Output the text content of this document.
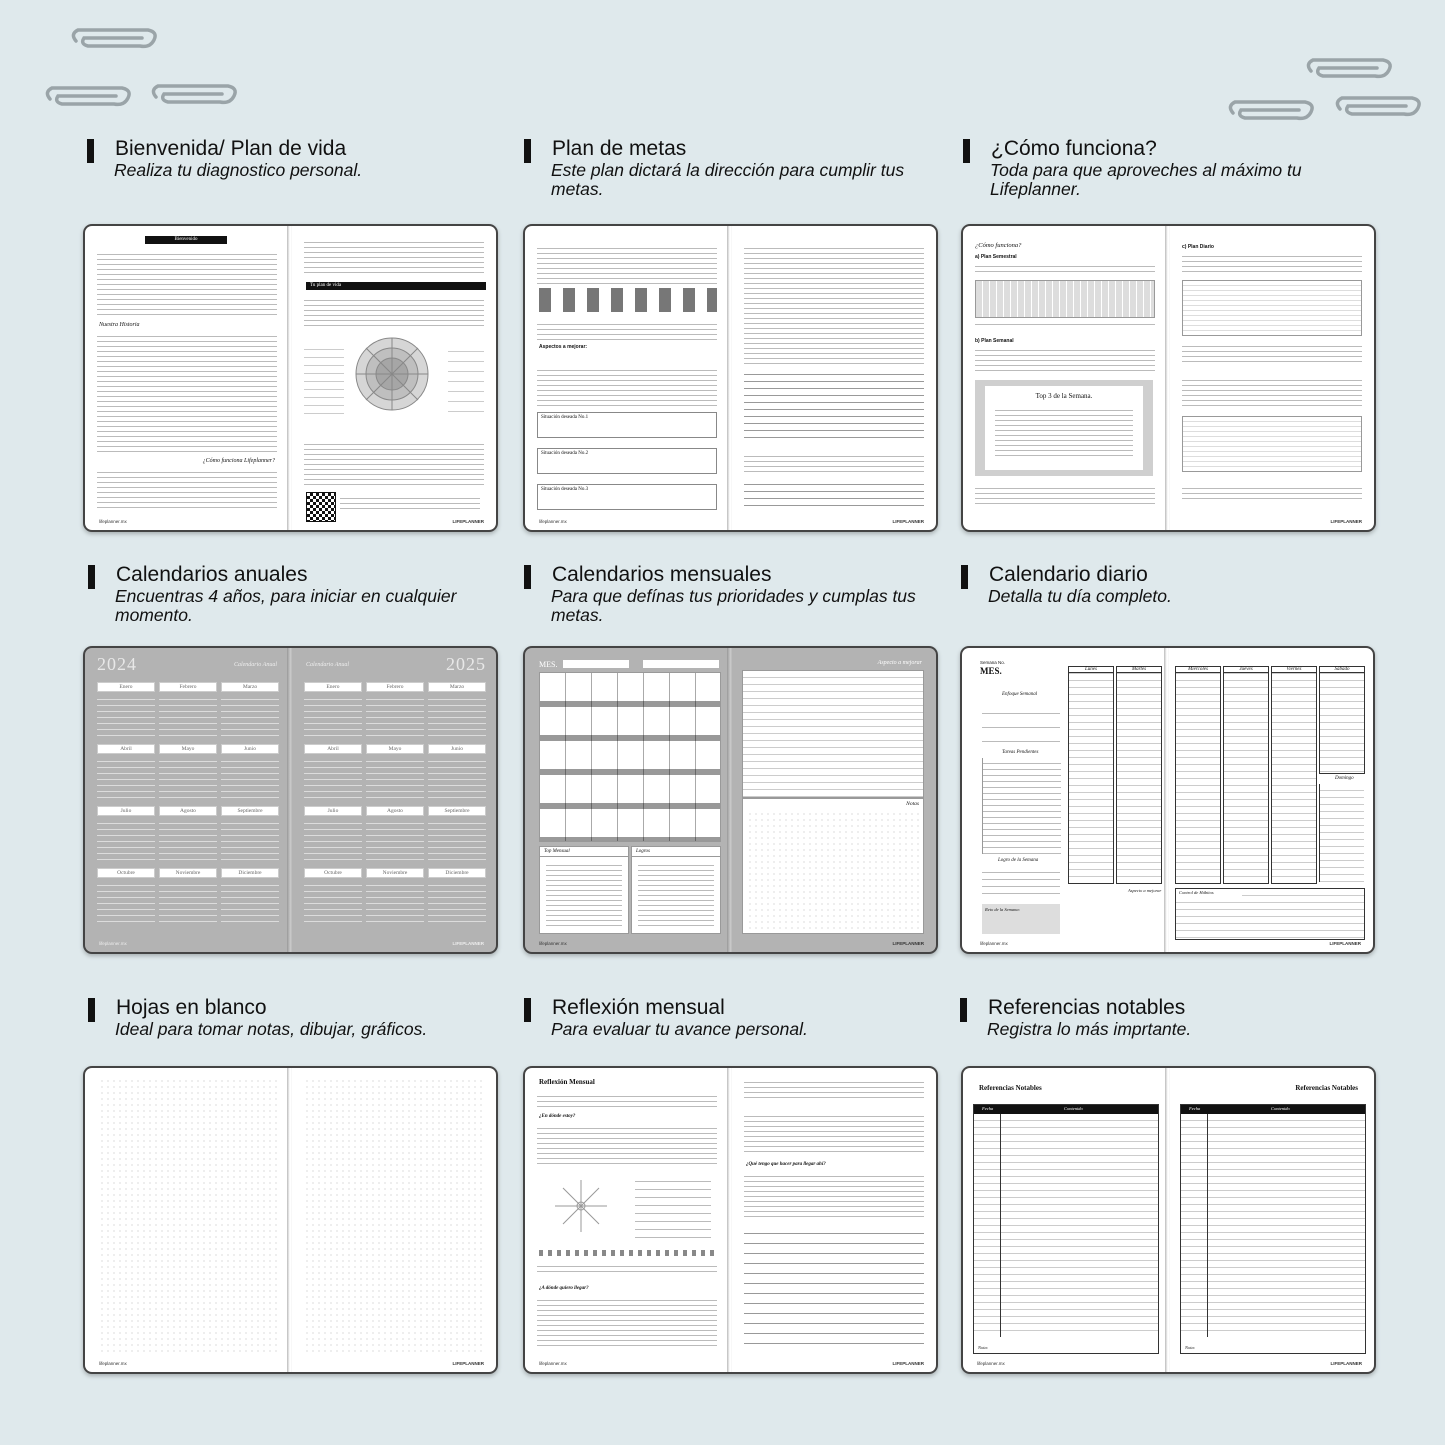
Bienvenida/ Plan de vida
Realiza tu diagnostico personal.
Plan de metas
Este plan dictará la dirección para cumplir tus metas.
¿Cómo funciona?
Toda para que aproveches al máximo tu Lifeplanner.
Bienvenido
Nuestra Historia
¿Cómo funciona Lifeplanner?
lifeplanner.mx
Tu plan de vida
LIFEPLANNER
Aspectos a mejorar:
Situación deseada No.1
Situación deseada No.2
Situación deseada No.3
lifeplanner.mx	LIFEPLANNER
¿Cómo funciona?
a) Plan Semestral
b) Plan Semanal
Top 3 de la Semana.
c) Plan Diario
LIFEPLANNER
Calendarios anuales
Encuentras 4 años, para iniciar en cualquier momento.
Calendarios mensuales
Para que defínas tus prioridades y cumplas tus metas.
Calendario diario
Detalla tu día completo.
2024	Calendario Anual
Enero	Febrero	Marzo
Abril	Mayo	Junio
Julio	Agosto	Septiembre
Octubre	Noviembre	Diciembre
lifeplanner.mx
Calendario Anual	2025
Enero	Febrero	Marzo
Abril	Mayo	Junio
Julio	Agosto	Septiembre
Octubre	Noviembre	Diciembre
LIFEPLANNER
MES.
Top Mensual	Logros
lifeplanner.mx
Aspecto a mejorar
Notas
LIFEPLANNER
Semana No.
MES.
Enfoque Semanal
Tareas Pendientes
Logro de la Semana
Reto de la Semana:
Lunes	Martes
Aspecto a mejorar
lifeplanner.mx
Miércoles	Jueves	Viernes	Sábado
Domingo
Control de Hábitos
LIFEPLANNER
Hojas en blanco
Ideal para tomar notas, dibujar, gráficos.
Reflexión mensual
Para evaluar tu avance personal.
Referencias notables
Registra lo más imprtante.
lifeplanner.mx	LIFEPLANNER
Reflexión Mensual
¿En dónde estoy?
¿A dónde quiero llegar?
lifeplanner.mx
¿Qué tengo que hacer para llegar ahí?
LIFEPLANNER
Referencias Notables
Fecha	Contenido
Nota:
lifeplanner.mx
Referencias Notables
Fecha	Contenido
Nota:
LIFEPLANNER
